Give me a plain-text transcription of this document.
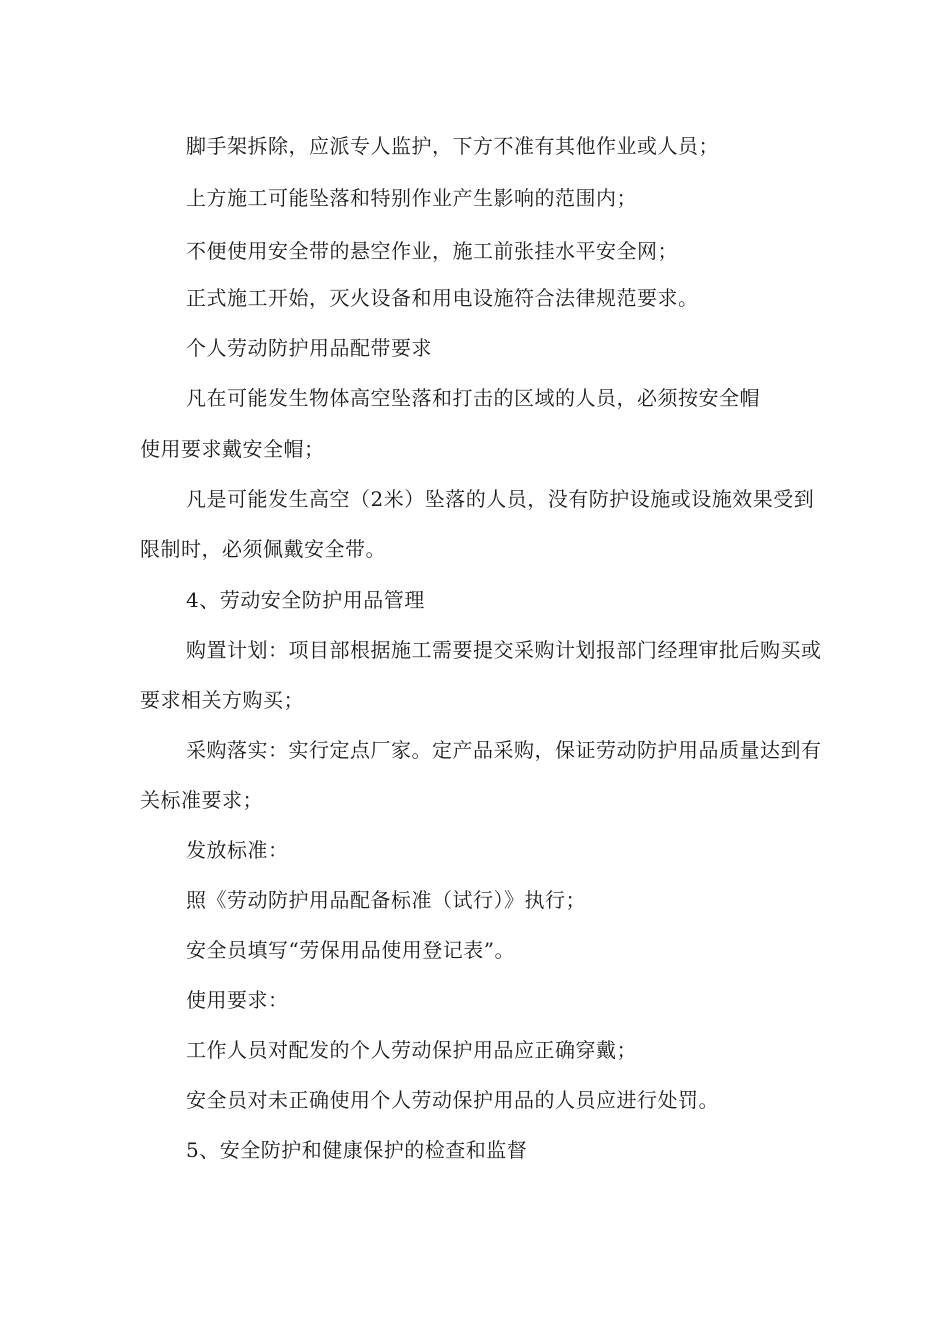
脚手架拆除，应派专人监护，下方不准有其他作业或人员；
上方施工可能坠落和特别作业产生影响的范围内；
不便使用安全带的悬空作业，施工前张挂水平安全网；
正式施工开始，灭火设备和用电设施符合法律规范要求。
个人劳动防护用品配带要求
凡在可能发生物体高空坠落和打击的区域的人员，必须按安全帽
使用要求戴安全帽；
凡是可能发生高空（2米）坠落的人员，没有防护设施或设施效果受到
限制时，必须佩戴安全带。
4、劳动安全防护用品管理
购置计划：项目部根据施工需要提交采购计划报部门经理审批后购买或
要求相关方购买；
采购落实：实行定点厂家。定产品采购，保证劳动防护用品质量达到有
关标准要求；
发放标准：
照《劳动防护用品配备标准（试行）》执行；
安全员填写“劳保用品使用登记表”。
使用要求：
工作人员对配发的个人劳动保护用品应正确穿戴；
安全员对未正确使用个人劳动保护用品的人员应进行处罚。
5、安全防护和健康保护的检查和监督
